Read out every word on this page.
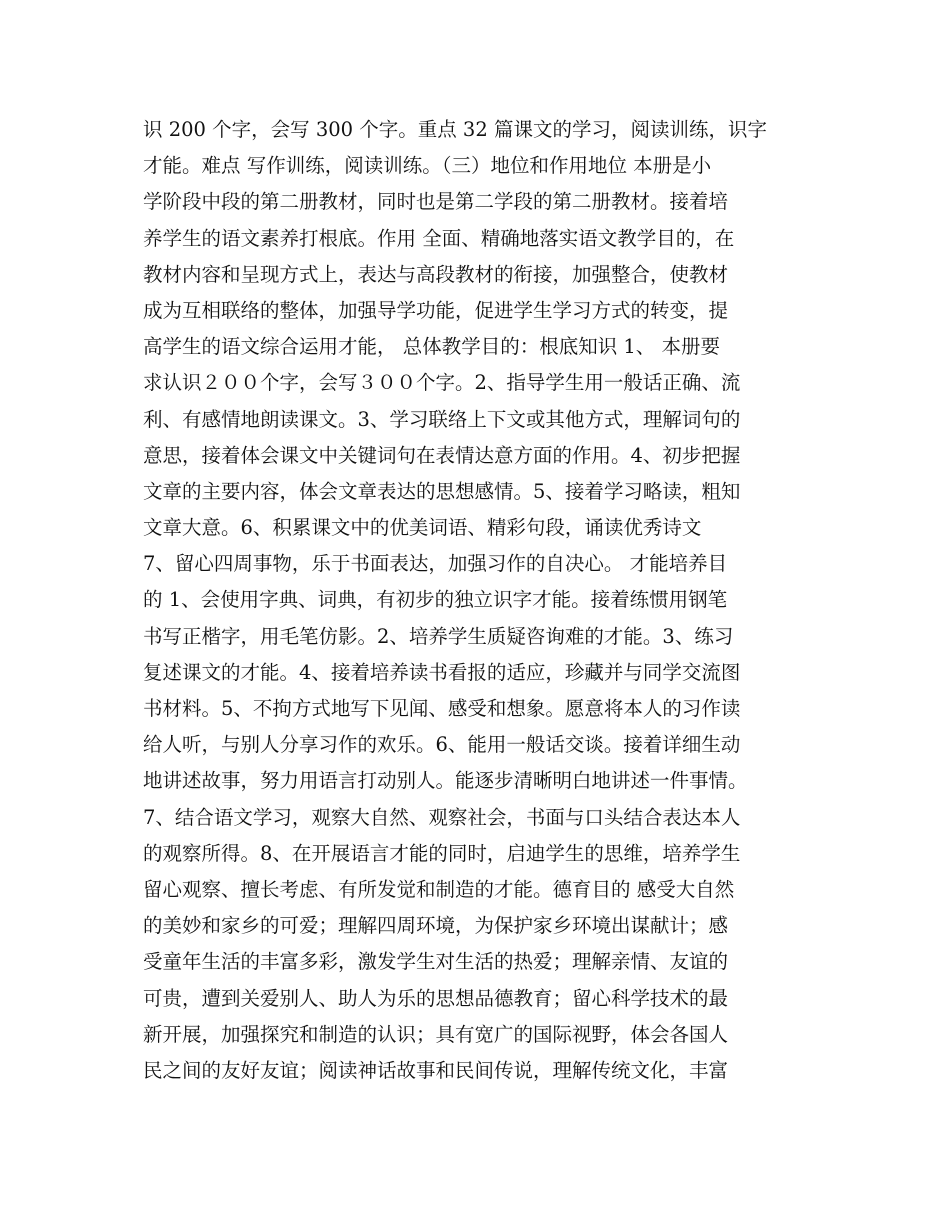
识 200 个字，会写 300 个字。重点 32 篇课文的学习，阅读训练，识字
才能。难点 写作训练，阅读训练。（三）地位和作用地位 本册是小
学阶段中段的第二册教材，同时也是第二学段的第二册教材。接着培
养学生的语文素养打根底。作用 全面、精确地落实语文教学目的，在
教材内容和呈现方式上，表达与高段教材的衔接，加强整合，使教材
成为互相联络的整体，加强导学功能，促进学生学习方式的转变，提
高学生的语文综合运用才能， 总体教学目的：根底知识 1、 本册要
求认识２００个字，会写３００个字。2、指导学生用一般话正确、流
利、有感情地朗读课文。3、学习联络上下文或其他方式，理解词句的
意思，接着体会课文中关键词句在表情达意方面的作用。4、初步把握
文章的主要内容，体会文章表达的思想感情。5、接着学习略读，粗知
文章大意。6、积累课文中的优美词语、精彩句段，诵读优秀诗文
7、留心四周事物，乐于书面表达，加强习作的自决心。 才能培养目
的 1、会使用字典、词典，有初步的独立识字才能。接着练惯用钢笔
书写正楷字，用毛笔仿影。2、培养学生质疑咨询难的才能。3、练习
复述课文的才能。4、接着培养读书看报的适应，珍藏并与同学交流图
书材料。5、不拘方式地写下见闻、感受和想象。愿意将本人的习作读
给人听，与别人分享习作的欢乐。6、能用一般话交谈。接着详细生动
地讲述故事，努力用语言打动别人。能逐步清晰明白地讲述一件事情。
7、结合语文学习，观察大自然、观察社会，书面与口头结合表达本人
的观察所得。8、在开展语言才能的同时，启迪学生的思维，培养学生
留心观察、擅长考虑、有所发觉和制造的才能。德育目的 感受大自然
的美妙和家乡的可爱；理解四周环境，为保护家乡环境出谋献计；感
受童年生活的丰富多彩，激发学生对生活的热爱；理解亲情、友谊的
可贵，遭到关爱别人、助人为乐的思想品德教育；留心科学技术的最
新开展，加强探究和制造的认识；具有宽广的国际视野，体会各国人
民之间的友好友谊；阅读神话故事和民间传说，理解传统文化，丰富
